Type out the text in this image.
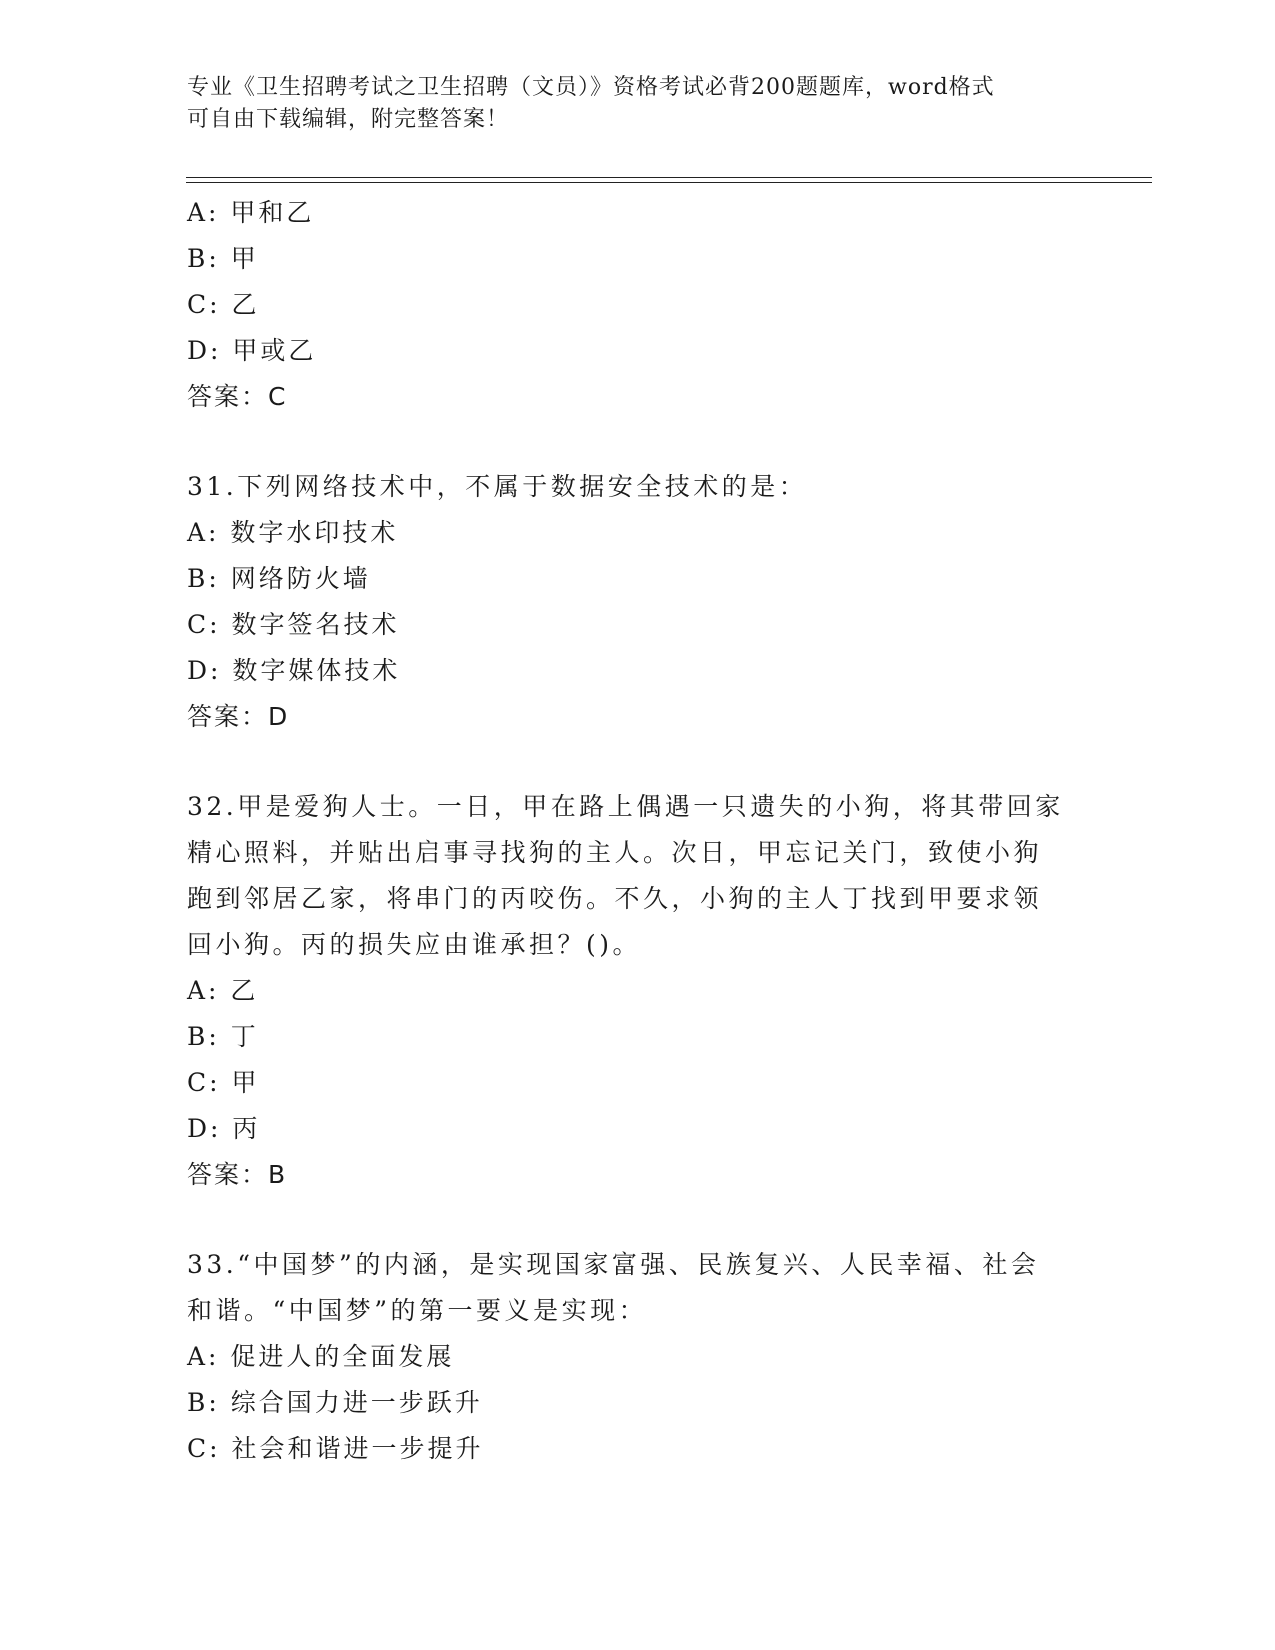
专业《卫生招聘考试之卫生招聘（文员）》资格考试必背200题题库，word格式
可自由下载编辑，附完整答案！
A: 甲和乙
B: 甲
C: 乙
D: 甲或乙
答案：C
31.下列网络技术中，不属于数据安全技术的是：
A: 数字水印技术
B: 网络防火墙
C: 数字签名技术
D: 数字媒体技术
答案：D
32.甲是爱狗人士。一日，甲在路上偶遇一只遗失的小狗，将其带回家
精心照料，并贴出启事寻找狗的主人。次日，甲忘记关门，致使小狗
跑到邻居乙家，将串门的丙咬伤。不久，小狗的主人丁找到甲要求领
回小狗。丙的损失应由谁承担？()。
A: 乙
B: 丁
C: 甲
D: 丙
答案：B
33.“中国梦”的内涵，是实现国家富强、民族复兴、人民幸福、社会
和谐。“中国梦”的第一要义是实现：
A: 促进人的全面发展
B: 综合国力进一步跃升
C: 社会和谐进一步提升
